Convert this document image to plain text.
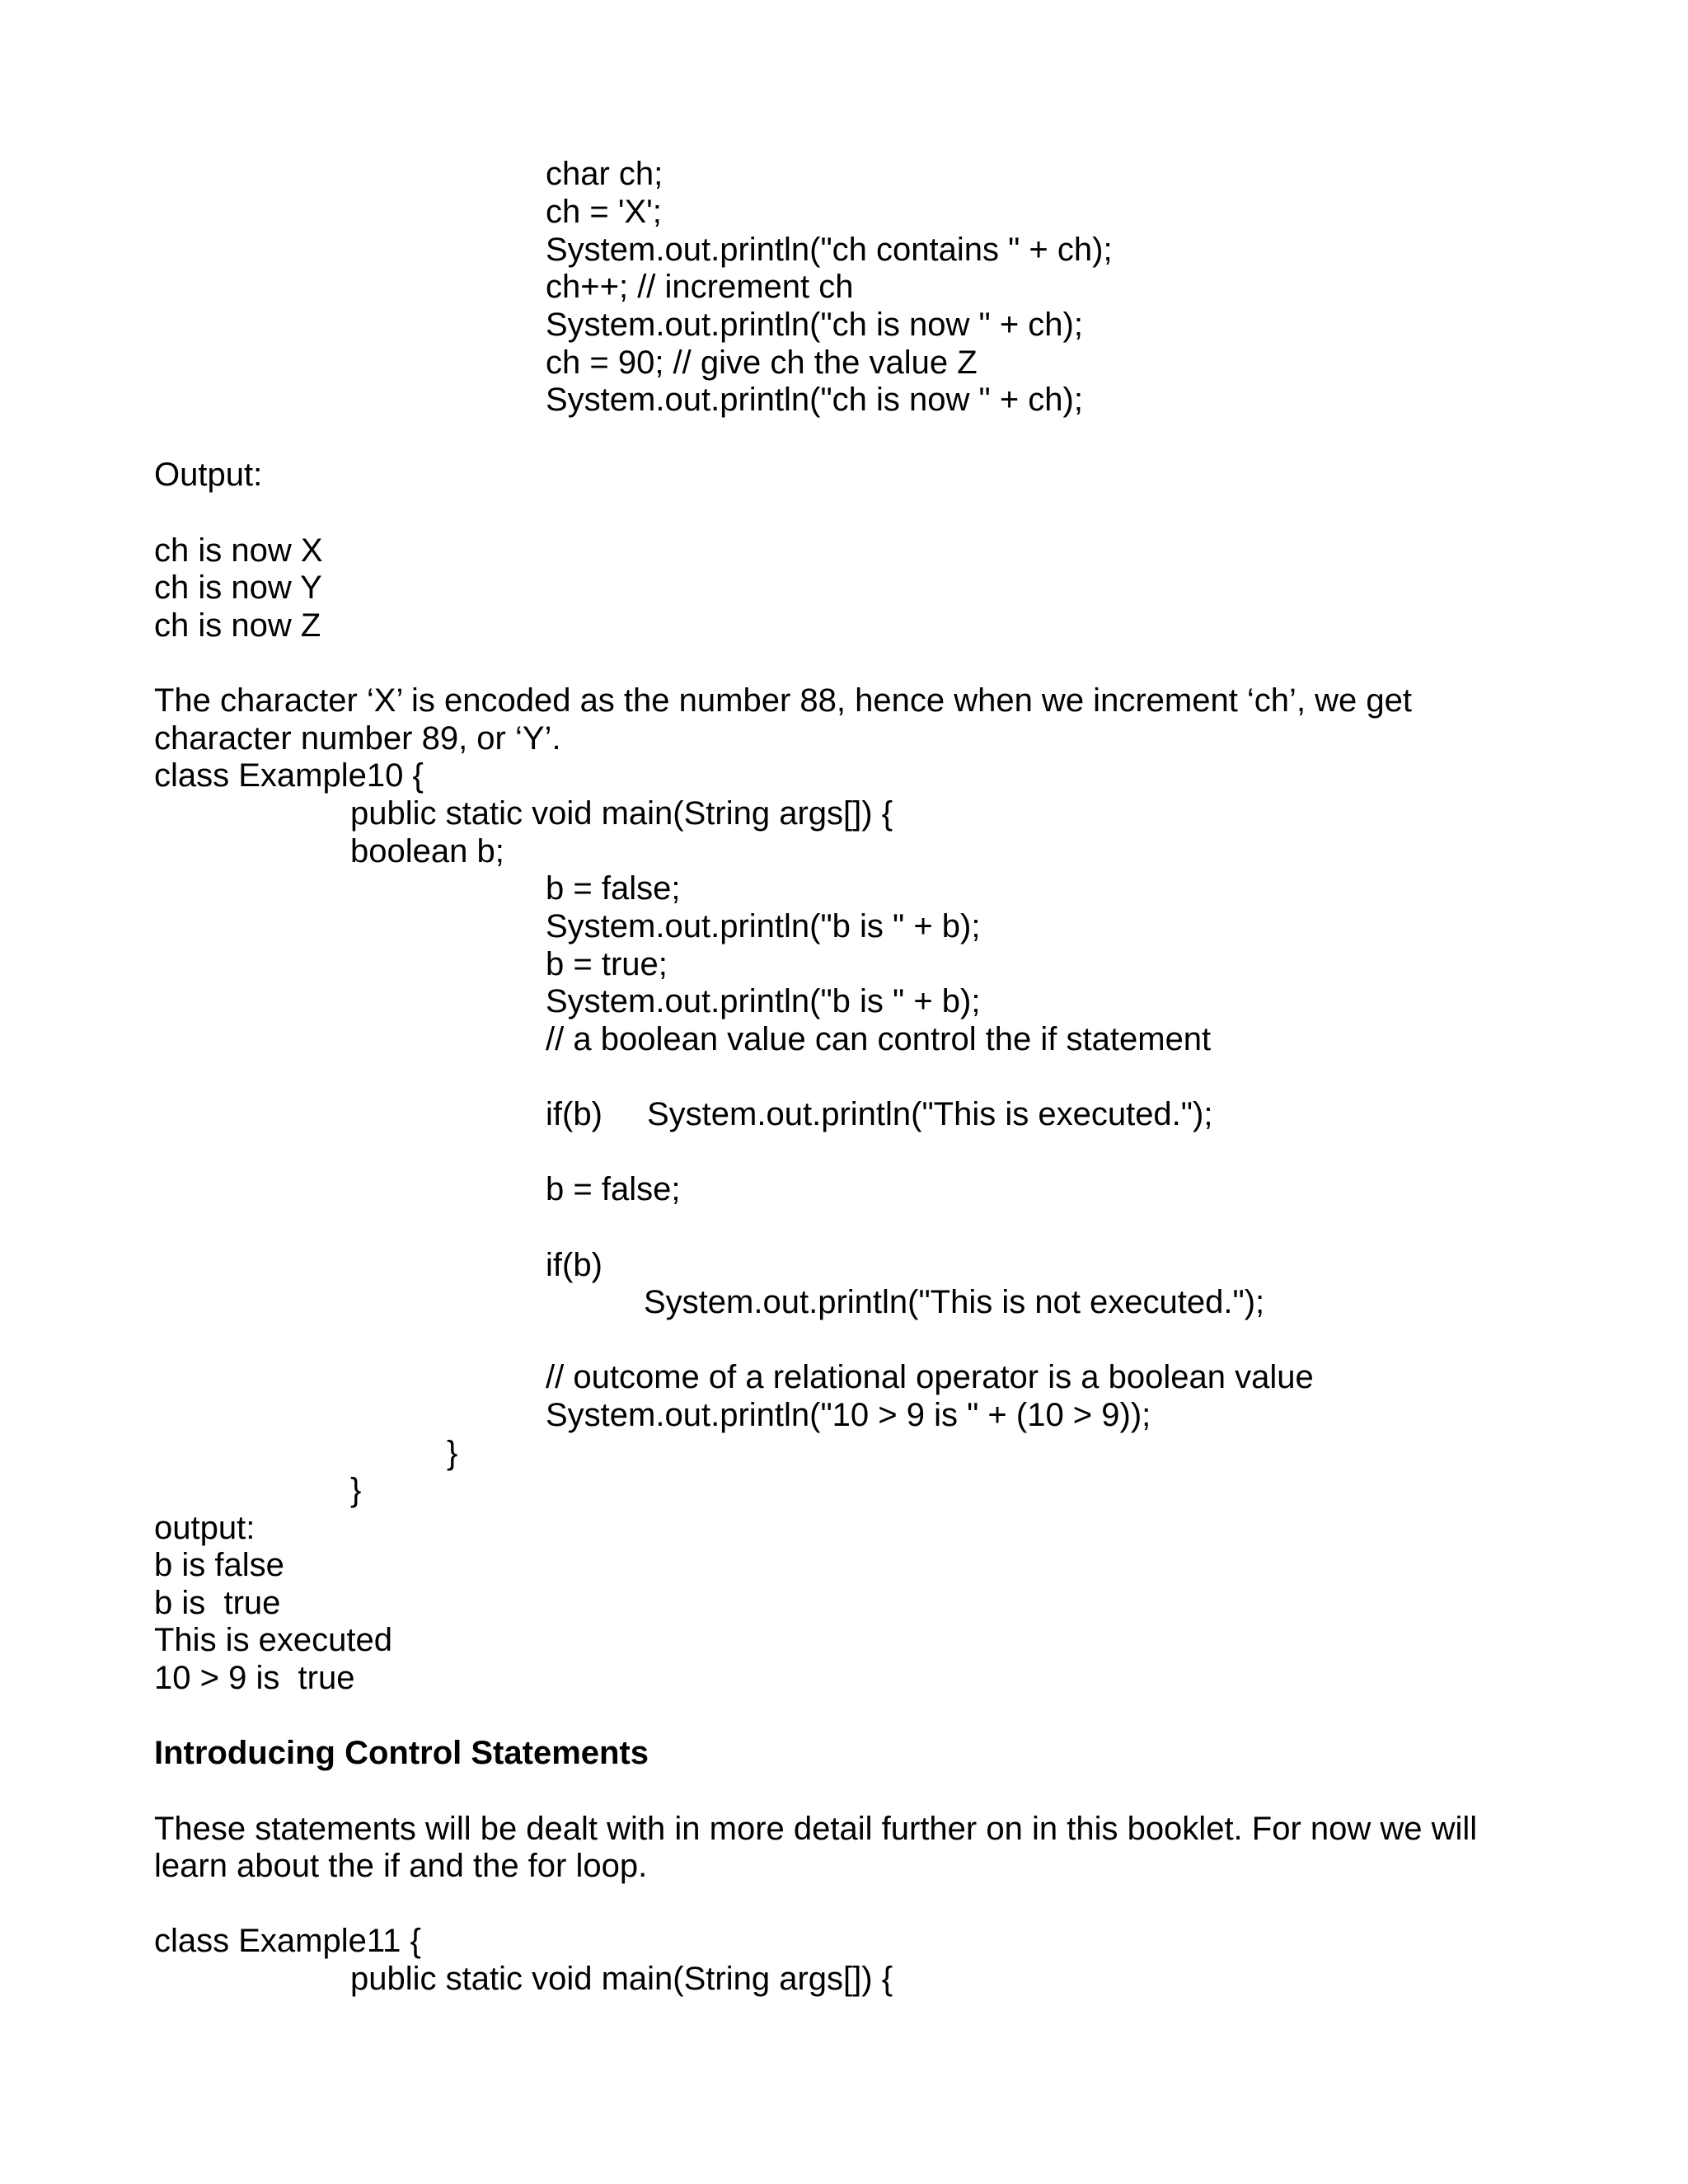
char ch;

ch = 'X';

System.out.println("ch contains " + ch);

ch++; // increment ch

System.out.println("ch is now " + ch);

ch = 90; // give ch the value Z

System.out.println("ch is now " + ch);

Output:

ch is now X

ch is now Y

ch is now Z

The character ‘X’ is encoded as the number 88, hence when we increment ‘ch’, we get

character number 89, or ‘Y’.

class Example10 {

public static void main(String args[]) {

boolean b;

b = false;

System.out.println("b is " + b);

b = true;

System.out.println("b is " + b);

// a boolean value can control the if statement

if(b) System.out.println("This is executed.");

b = false;

if(b)

System.out.println("This is not executed.");

// outcome of a relational operator is a boolean value

System.out.println("10 > 9 is " + (10 > 9));

}

}

output:

b is false

b is  true

This is executed

10 > 9 is  true

Introducing Control Statements

These statements will be dealt with in more detail further on in this booklet. For now we will

learn about the if and the for loop.

class Example11 {

public static void main(String args[]) {
